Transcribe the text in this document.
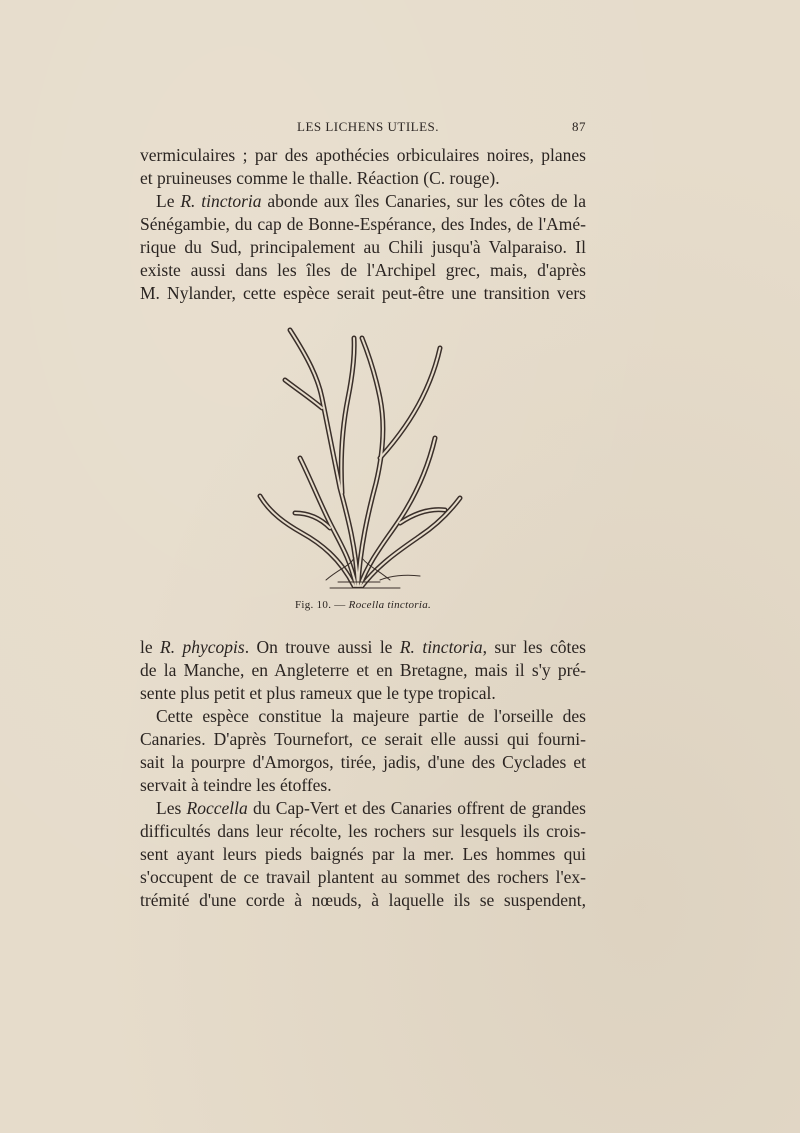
LES LICHENS UTILES.	87

vermiculaires ; par des apothécies orbiculaires noires, planes
et pruineuses comme le thalle. Réaction (C. rouge).

Le R. tinctoria abonde aux îles Canaries, sur les côtes de la
Sénégambie, du cap de Bonne-Espérance, des Indes, de l'Amé-
rique du Sud, principalement au Chili jusqu'à Valparaiso. Il
existe aussi dans les îles de l'Archipel grec, mais, d'après
M. Nylander, cette espèce serait peut-être une transition vers

Fig. 10. — Rocella tinctoria.

le R. phycopis. On trouve aussi le R. tinctoria, sur les côtes
de la Manche, en Angleterre et en Bretagne, mais il s'y pré-
sente plus petit et plus rameux que le type tropical.

Cette espèce constitue la majeure partie de l'orseille des
Canaries. D'après Tournefort, ce serait elle aussi qui fourni-
sait la pourpre d'Amorgos, tirée, jadis, d'une des Cyclades et
servait à teindre les étoffes.

Les Roccella du Cap-Vert et des Canaries offrent de grandes
difficultés dans leur récolte, les rochers sur lesquels ils crois-
sent ayant leurs pieds baignés par la mer. Les hommes qui
s'occupent de ce travail plantent au sommet des rochers l'ex-
trémité d'une corde à nœuds, à laquelle ils se suspendent,
